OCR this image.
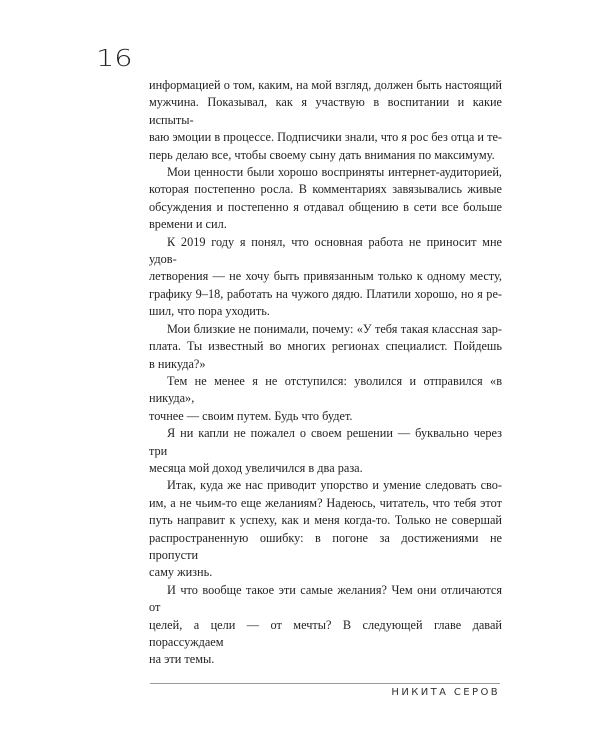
16

информацией о том, каким, на мой взгляд, должен быть настоящий
мужчина. Показывал, как я участвую в воспитании и какие испыты-
ваю эмоции в процессе. Подписчики знали, что я рос без отца и те-
перь делаю все, чтобы своему сыну дать внимания по максимуму.

Мои ценности были хорошо восприняты интернет-аудиторией,
которая постепенно росла. В комментариях завязывались живые
обсуждения и постепенно я отдавал общению в сети все больше
времени и сил.

К 2019 году я понял, что основная работа не приносит мне удов-
летворения — не хочу быть привязанным только к одному месту,
графику 9–18, работать на чужого дядю. Платили хорошо, но я ре-
шил, что пора уходить.

Мои близкие не понимали, почему: «У тебя такая классная зар-
плата. Ты известный во многих регионах специалист. Пойдешь
в никуда?»

Тем не менее я не отступился: уволился и отправился «в никуда»,
точнее — своим путем. Будь что будет.

Я ни капли не пожалел о своем решении — буквально через три
месяца мой доход увеличился в два раза.

Итак, куда же нас приводит упорство и умение следовать сво-
им, а не чьим-то еще желаниям? Надеюсь, читатель, что тебя этот
путь направит к успеху, как и меня когда-то. Только не совершай
распространенную ошибку: в погоне за достижениями не пропусти
саму жизнь.

И что вообще такое эти самые желания? Чем они отличаются от
целей, а цели — от мечты? В следующей главе давай порассуждаем
на эти темы.

НИКИТА СЕРОВ
